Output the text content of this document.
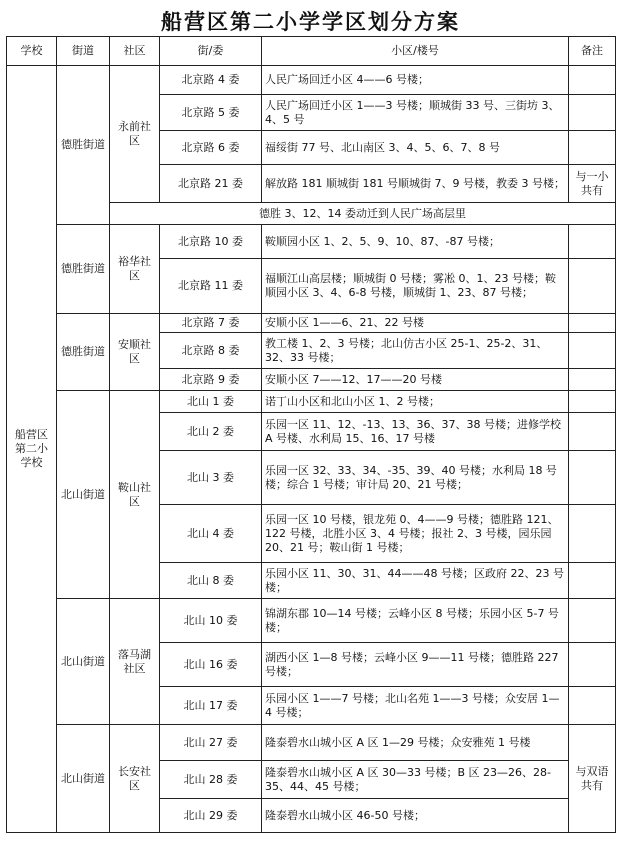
船营区第二小学学区划分方案
学校	街道	社区	街/委	小区/楼号	备注
船营区第二小学校	德胜街道	永前社区	北京路 4 委	人民广场回迁小区 4——6 号楼；	
			北京路 5 委	人民广场回迁小区 1——3 号楼；顺城街 33 号、三街坊 3、4、5 号	
			北京路 6 委	福绥街 77 号、北山南区 3、4、5、6、7、8 号	
			北京路 21 委	解放路 181 顺城街 181 号顺城街 7、9 号楼，教委 3 号楼；	与一小共有
		德胜 3、12、14 委动迁到人民广场高层里			
	德胜街道	裕华社区	北京路 10 委	鞍顺园小区 1、2、5、9、10、87、-87 号楼；	
			北京路 11 委	福顺江山高层楼；顺城街 0 号楼；雾凇 0、1、23 号楼；鞍顺园小区 3、4、6-8 号楼，顺城街 1、23、87 号楼；	
	德胜街道	安顺社区	北京路 7 委	安顺小区 1——6、21、22 号楼	
			北京路 8 委	教工楼 1、2、3 号楼；北山仿古小区 25-1、25-2、31、32、33 号楼；	
			北京路 9 委	安顺小区 7——12、17——20 号楼	
	北山街道	鞍山社区	北山 1 委	诺丁山小区和北山小区 1、2 号楼；	
			北山 2 委	乐园一区 11、12、-13、13、36、37、38 号楼；进修学校 A 号楼、水利局 15、16、17 号楼	
			北山 3 委	乐园一区 32、33、34、-35、39、40 号楼；水利局 18 号楼；综合 1 号楼；审计局 20、21 号楼；	
			北山 4 委	乐园一区 10 号楼，银龙苑 0、4——9 号楼；德胜路 121、122 号楼，北胜小区 3、4 号楼；报社 2、3 号楼，园乐园 20、21 号；鞍山街 1 号楼；	
			北山 8 委	乐园小区 11、30、31、44——48 号楼；区政府 22、23 号楼；	
	北山街道	落马湖社区	北山 10 委	锦湖东郡 10—14 号楼；云峰小区 8 号楼；乐园小区 5-7 号楼；	
			北山 16 委	湖西小区 1—8 号楼；云峰小区 9——11 号楼；德胜路 227 号楼；	
			北山 17 委	乐园小区 1——7 号楼；北山名苑 1——3 号楼；众安居 1—4 号楼；	
	北山街道	长安社区	北山 27 委	隆泰碧水山城小区 A 区 1—29 号楼；众安雅苑 1 号楼	与双语共有
			北山 28 委	隆泰碧水山城小区 A 区 30—33 号楼；B 区 23—26、28-35、44、45 号楼；	
			北山 29 委	隆泰碧水山城小区 46-50 号楼；	
